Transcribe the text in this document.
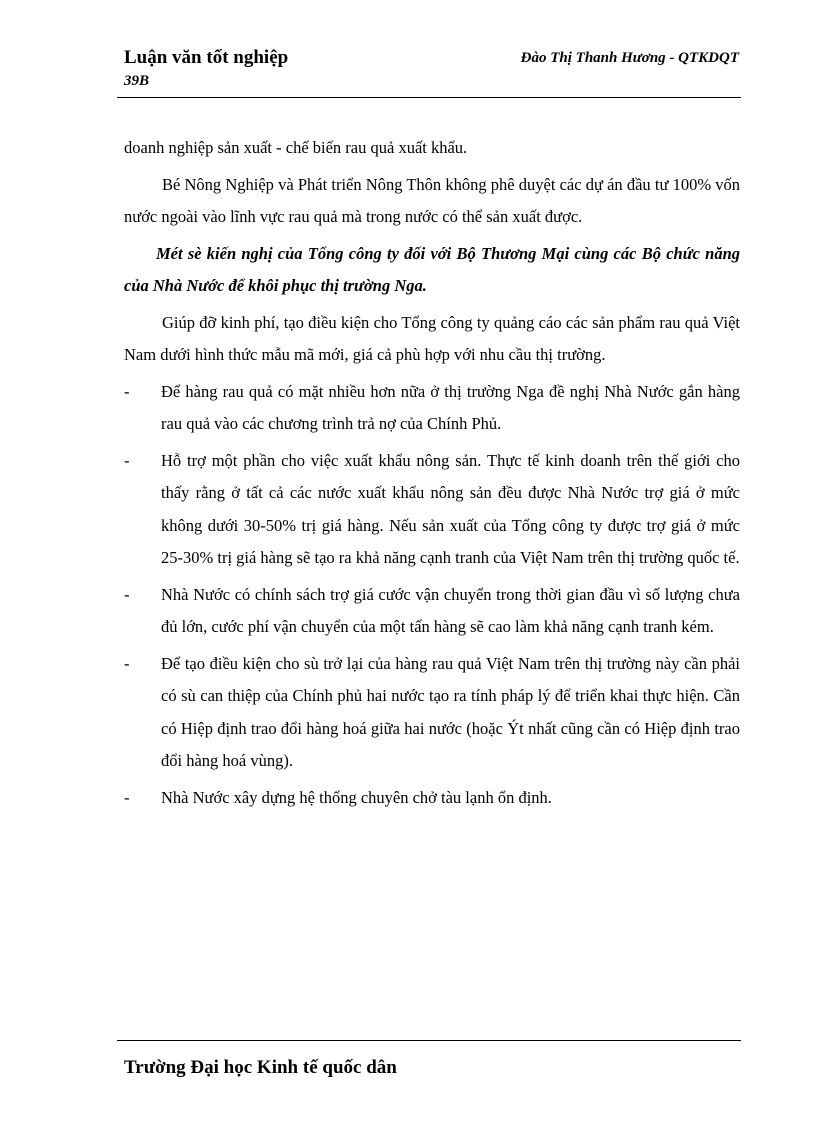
Luận văn tốt nghiệp
39B
Đào Thị Thanh Hương - QTKDQT

doanh nghiệp sản xuất - chế biến rau quả xuất khẩu.

Bé Nông Nghiệp và Phát triển Nông Thôn không phê duyệt các dự án đầu tư 100% vốn nước ngoài vào lĩnh vực rau quả mà trong nước có thể sản xuất được.

Mét sè kiến nghị của Tổng công ty đối với Bộ Thương Mại cùng các Bộ chức năng của Nhà Nước để khôi phục thị trường Nga.

Giúp đỡ kinh phí, tạo điều kiện cho Tổng công ty quảng cáo các sản phẩm rau quả Việt Nam dưới hình thức mẫu mã mới, giá cả phù hợp với nhu cầu thị trường.

- Để hàng rau quả có mặt nhiều hơn nữa ở thị trường Nga đề nghị Nhà Nước gắn hàng rau quả vào các chương trình trả nợ của Chính Phủ.

- Hỗ trợ một phần cho việc xuất khẩu nông sản. Thực tế kinh doanh trên thế giới cho thấy rằng ở tất cả các nước xuất khẩu nông sản đều được Nhà Nước trợ giá ở mức không dưới 30-50% trị giá hàng. Nếu sản xuất của Tổng công ty được trợ giá ở mức 25-30% trị giá hàng sẽ tạo ra khả năng cạnh tranh của Việt Nam trên thị trường quốc tế.

- Nhà Nước có chính sách trợ giá cước vận chuyển trong thời gian đầu vì số lượng chưa đủ lớn, cước phí vận chuyển của một tấn hàng sẽ cao làm khả năng cạnh tranh kém.

- Để tạo điều kiện cho sù trở lại của hàng rau quả Việt Nam trên thị trường này cần phải có sù can thiệp của Chính phủ hai nước tạo ra tính pháp lý để triển khai thực hiện. Cần có Hiệp định trao đổi hàng hoá giữa hai nước (hoặc Ýt nhất cũng cần có Hiệp định trao đổi hàng hoá vùng).

- Nhà Nước xây dựng hệ thống chuyên chở tàu lạnh ổn định.

Trường Đại học Kinh tế quốc dân
